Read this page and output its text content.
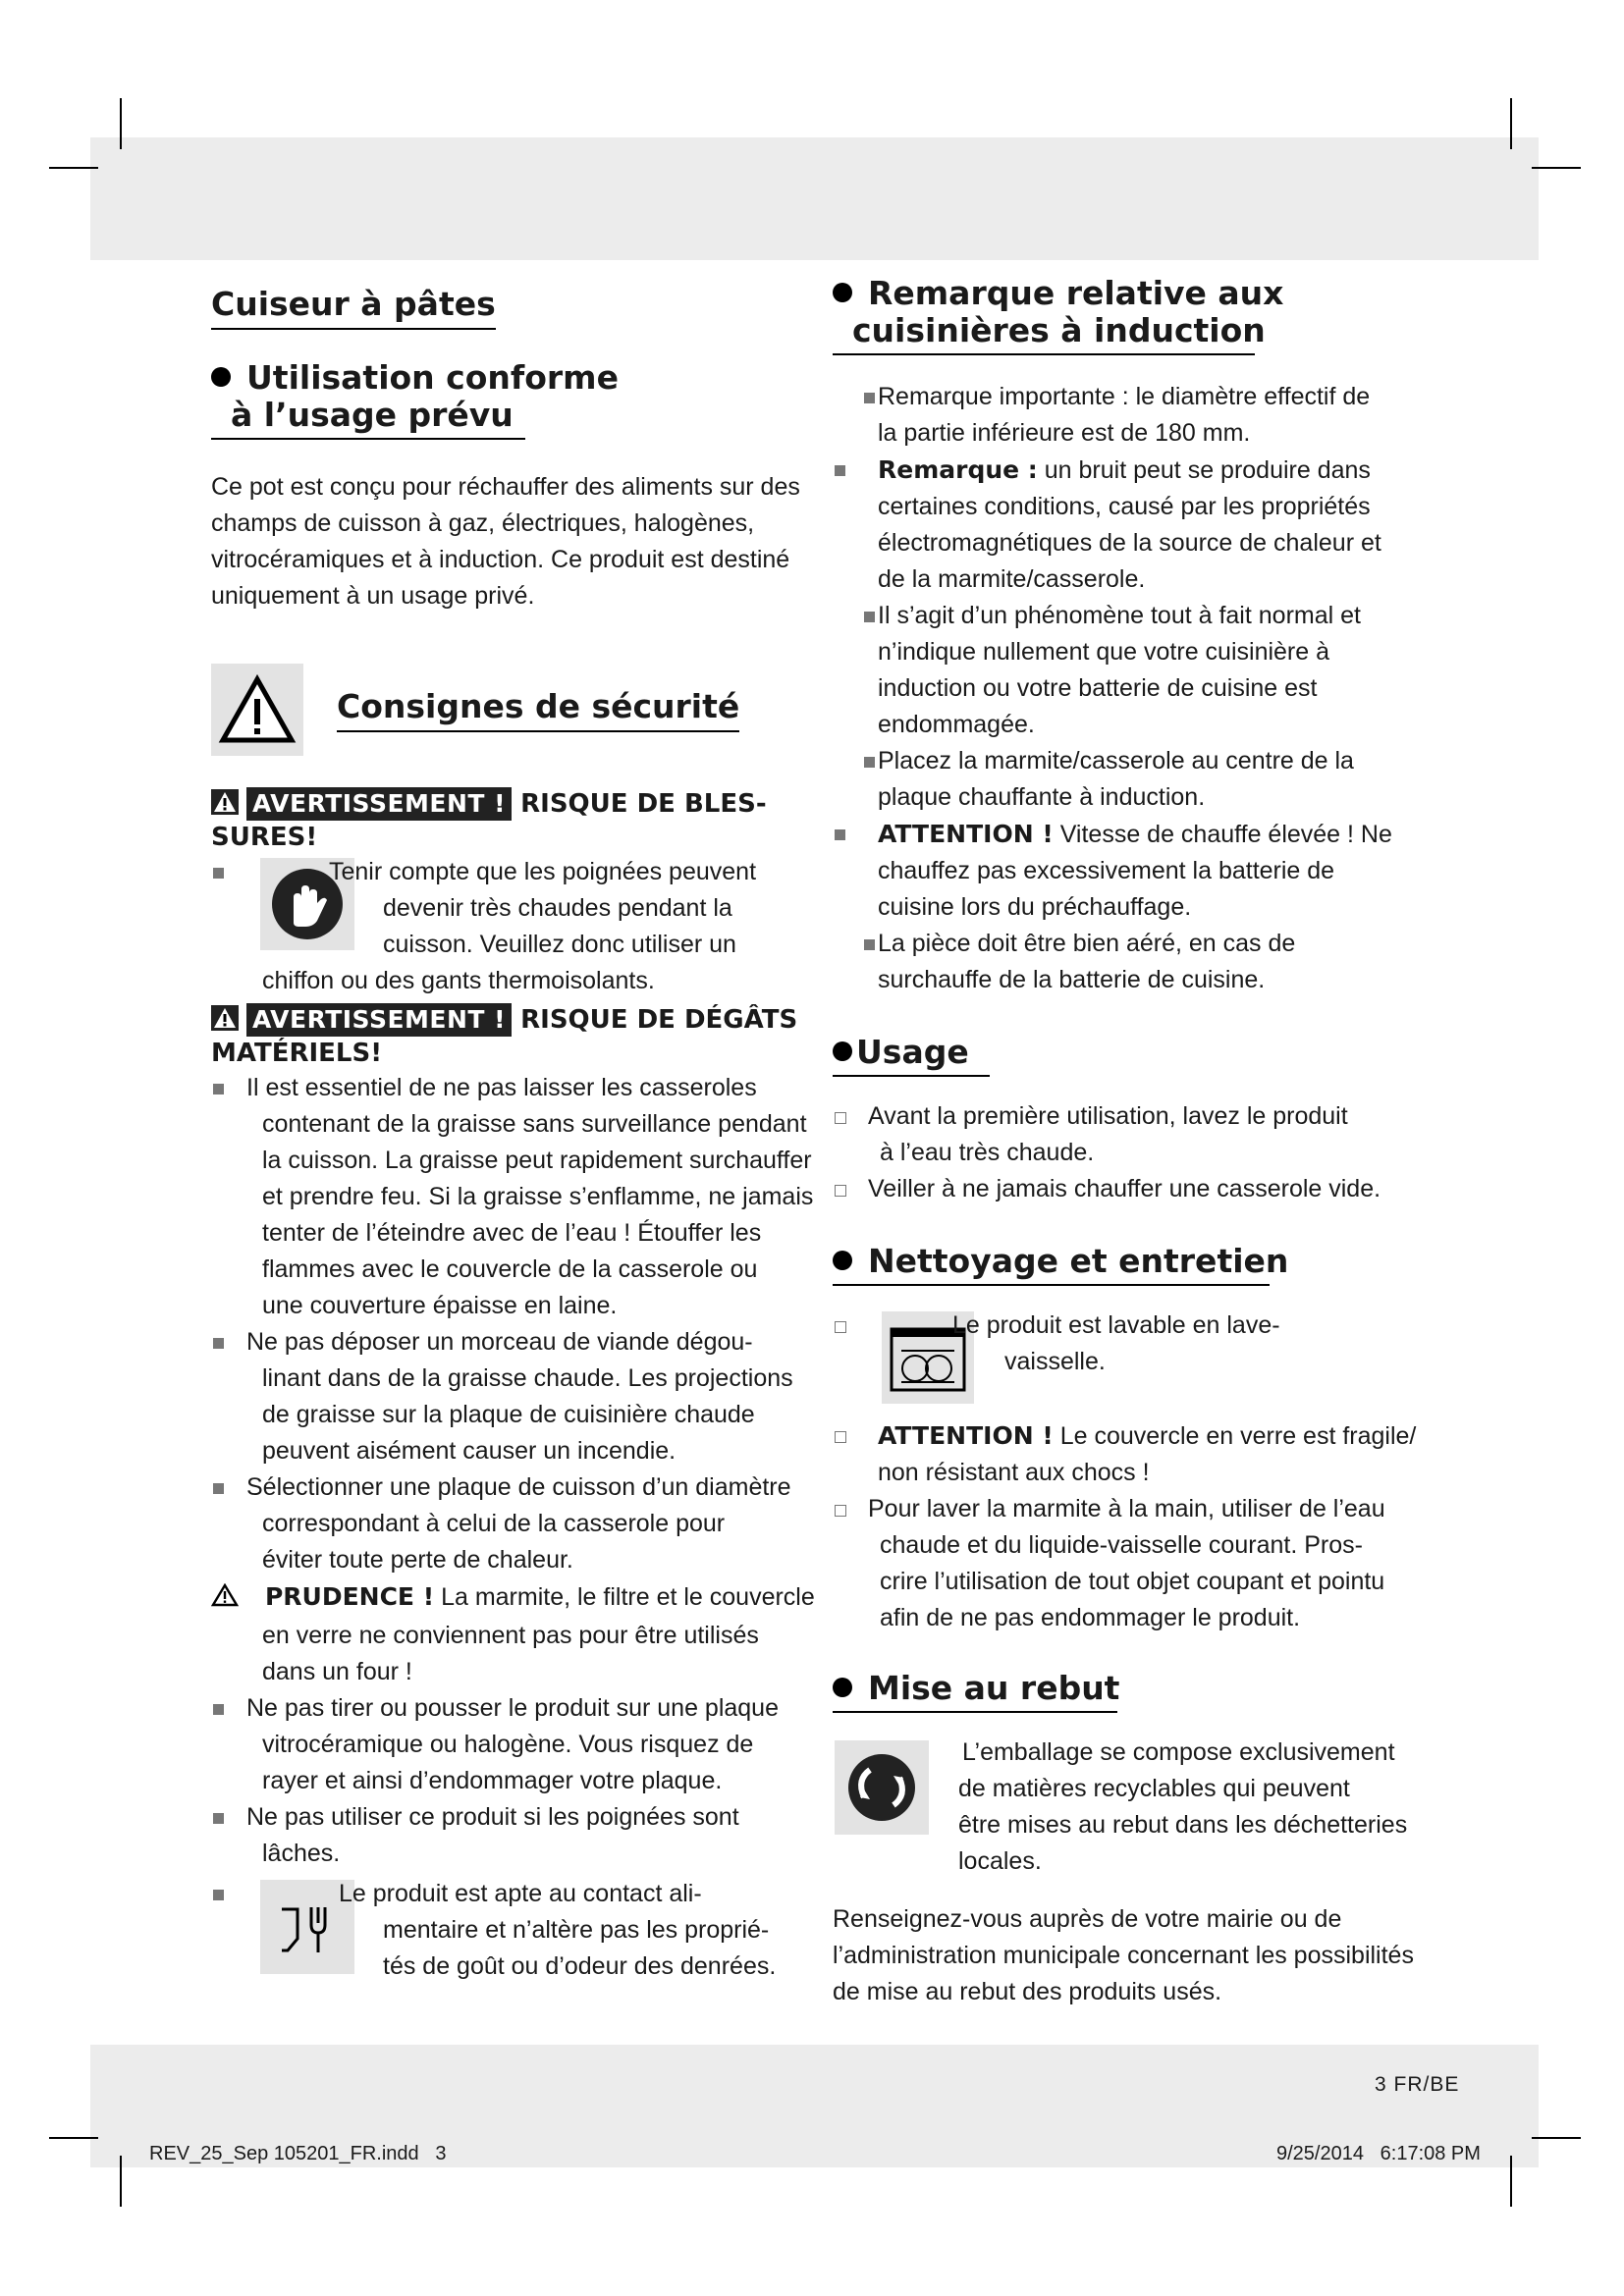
Cuiseur à pâtes
Utilisation conforme
à l’usage prévu

Ce pot est conçu pour réchauffer des aliments sur des

champs de cuisson à gaz, électriques, halogènes,

vitrocéramiques et à induction. Ce produit est destiné

uniquement à un usage privé.

Consignes de sécurité
AVERTISSEMENT ! RISQUE DE BLES-
SURES!

Tenir compte que les poignées peuvent

devenir très chaudes pendant la

cuisson. Veuillez donc utiliser un

chiffon ou des gants thermoisolants.

AVERTISSEMENT ! RISQUE DE DÉGÂTS
MATÉRIELS!
Il est essentiel de ne pas laisser les casseroles
contenant de la graisse sans surveillance pendant
la cuisson. La graisse peut rapidement surchauffer
et prendre feu. Si la graisse s’enflamme, ne jamais
tenter de l’éteindre avec de l’eau ! Étouffer les
flammes avec le couvercle de la casserole ou
une couverture épaisse en laine.
Ne pas déposer un morceau de viande dégou-
linant dans de la graisse chaude. Les projections
de graisse sur la plaque de cuisinière chaude
peuvent aisément causer un incendie.
Sélectionner une plaque de cuisson d’un diamètre
correspondant à celui de la casserole pour
éviter toute perte de chaleur.
PRUDENCE ! La marmite, le filtre et le couvercle
en verre ne conviennent pas pour être utilisés
dans un four !
Ne pas tirer ou pousser le produit sur une plaque
vitrocéramique ou halogène. Vous risquez de
rayer et ainsi d’endommager votre plaque.
Ne pas utiliser ce produit si les poignées sont
lâches.

Le produit est apte au contact ali-

mentaire et n’altère pas les proprié-

tés de goût ou d’odeur des denrées.

Remarque relative aux
cuisinières à induction
Remarque importante : le diamètre effectif de
la partie inférieure est de 180 mm.
Remarque : un bruit peut se produire dans
certaines conditions, causé par les propriétés
électromagnétiques de la source de chaleur et
de la marmite/casserole.
Il s’agit d’un phénomène tout à fait normal et
n’indique nullement que votre cuisinière à
induction ou votre batterie de cuisine est
endommagée.
Placez la marmite/casserole au centre de la
plaque chauffante à induction.
ATTENTION ! Vitesse de chauffe élevée ! Ne
chauffez pas excessivement la batterie de
cuisine lors du préchauffage.
La pièce doit être bien aéré, en cas de
surchauffe de la batterie de cuisine.
Usage
Avant la première utilisation, lavez le produit
à l’eau très chaude.
Veiller à ne jamais chauffer une casserole vide.
Nettoyage et entretien

Le produit est lavable en lave-

vaisselle.

ATTENTION ! Le couvercle en verre est fragile/
non résistant aux chocs !
Pour laver la marmite à la main, utiliser de l’eau
chaude et du liquide-vaisselle courant. Pros-
crire l’utilisation de tout objet coupant et pointu
afin de ne pas endommager le produit.
Mise au rebut

L’emballage se compose exclusivement

de matières recyclables qui peuvent

être mises au rebut dans les déchetteries

locales.

Renseignez-vous auprès de votre mairie ou de

l’administration municipale concernant les possibilités

de mise au rebut des produits usés.

3 FR/BE
REV_25_Sep 105201_FR.indd   3	9/25/2014   6:17:08 PM
